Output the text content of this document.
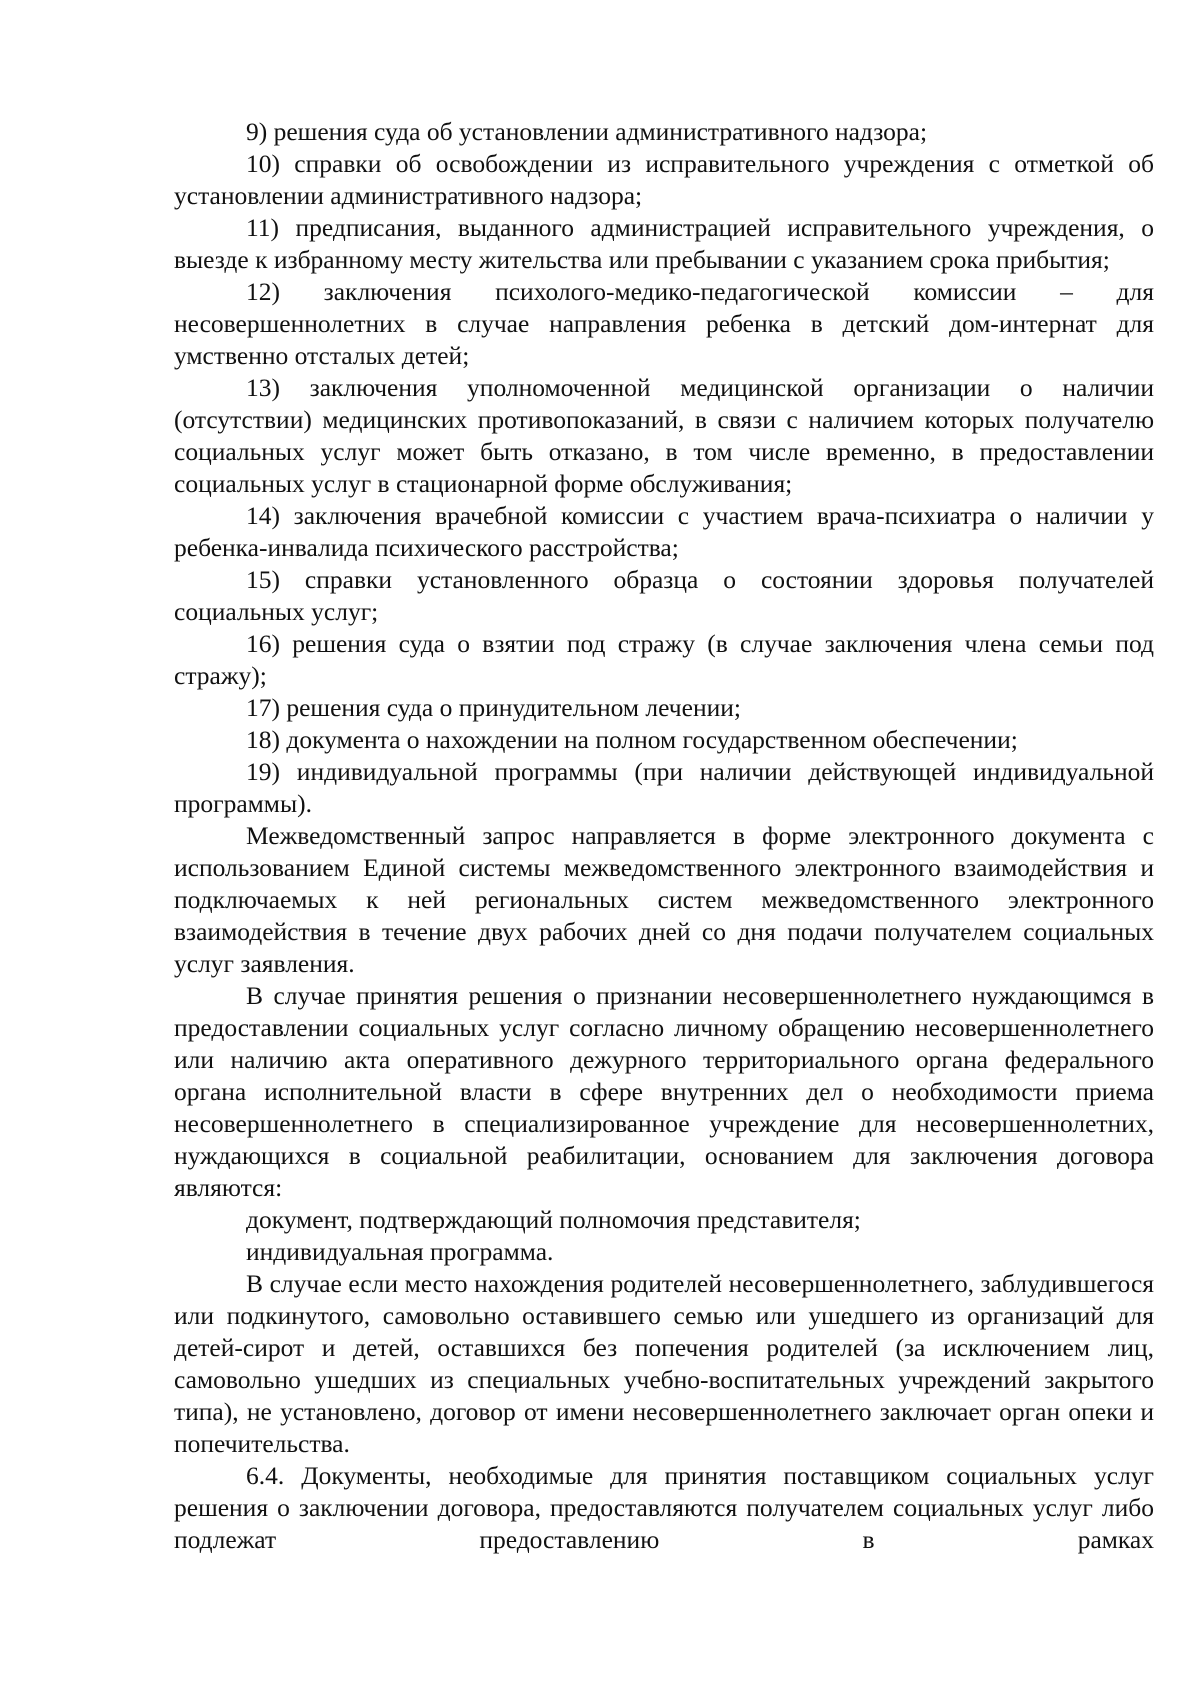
9) решения суда об установлении административного надзора;

10) справки об освобождении из исправительного учреждения с отметкой об установлении административного надзора;

11) предписания, выданного администрацией исправительного учреждения, о выезде к избранному месту жительства или пребывании с указанием срока прибытия;

12) заключения психолого-медико-педагогической комиссии – для несовершеннолетних в случае направления ребенка в детский дом-интернат для умственно отсталых детей;

13) заключения уполномоченной медицинской организации о наличии (отсутствии) медицинских противопоказаний, в связи с наличием которых получателю социальных услуг может быть отказано, в том числе временно, в предоставлении социальных услуг в стационарной форме обслуживания;

14) заключения врачебной комиссии с участием врача-психиатра о наличии у ребенка-инвалида психического расстройства;

15) справки установленного образца о состоянии здоровья получателей социальных услуг;

16) решения суда о взятии под стражу (в случае заключения члена семьи под стражу);

17) решения суда о принудительном лечении;

18) документа о нахождении на полном государственном обеспечении;

19) индивидуальной программы (при наличии действующей индивидуальной программы).

Межведомственный запрос направляется в форме электронного документа с использованием Единой системы межведомственного электронного взаимодействия и подключаемых к ней региональных систем межведомственного электронного взаимодействия в течение двух рабочих дней со дня подачи получателем социальных услуг заявления.

В случае принятия решения о признании несовершеннолетнего нуждающимся в предоставлении социальных услуг согласно личному обращению несовершеннолетнего или наличию акта оперативного дежурного территориального органа федерального органа исполнительной власти в сфере внутренних дел о необходимости приема несовершеннолетнего в специализированное учреждение для несовершеннолетних, нуждающихся в социальной реабилитации, основанием для заключения договора являются:

документ, подтверждающий полномочия представителя;

индивидуальная программа.

В случае если место нахождения родителей несовершеннолетнего, заблудившегося или подкинутого, самовольно оставившего семью или ушедшего из организаций для детей-сирот и детей, оставшихся без попечения родителей (за исключением лиц, самовольно ушедших из специальных учебно-воспитательных учреждений закрытого типа), не установлено, договор от имени несовершеннолетнего заключает орган опеки и попечительства.

6.4. Документы, необходимые для принятия поставщиком социальных услуг решения о заключении договора, предоставляются получателем социальных услуг либо подлежат предоставлению в рамках
